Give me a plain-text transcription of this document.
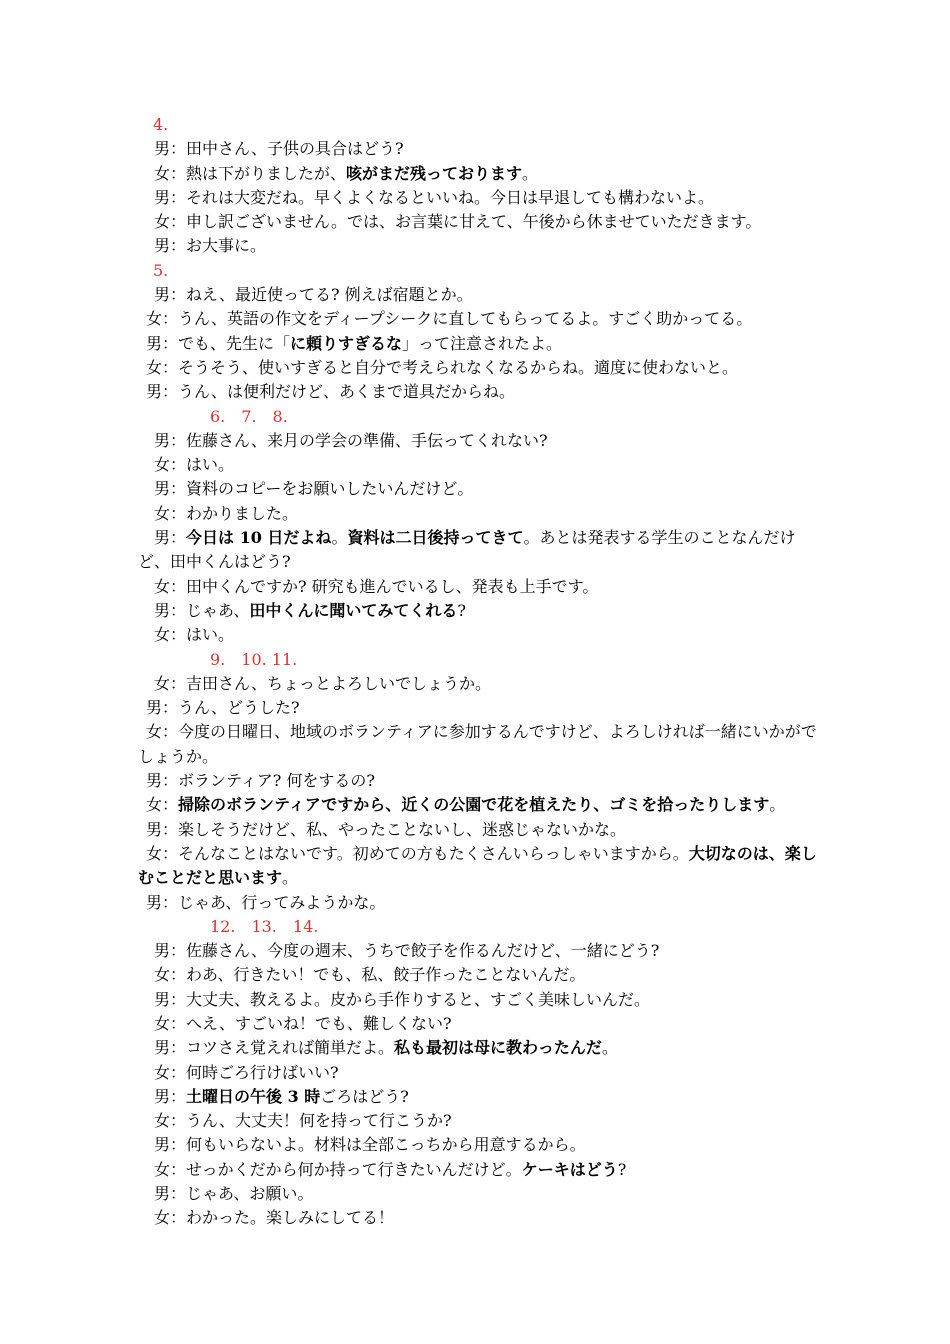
4.
男：田中さん、子供の具合はどう?
女：熱は下がりましたが、咳がまだ残っております。
男：それは大変だね。早くよくなるといいね。今日は早退しても構わないよ。
女：申し訳ございません。では、お言葉に甘えて、午後から休ませていただきます。
男：お大事に。
5.
男：ねえ、最近使ってる? 例えば宿題とか。
女：うん、英語の作文をディープシークに直してもらってるよ。すごく助かってる。
男：でも、先生に「に頼りすぎるな」って注意されたよ。
女：そうそう、使いすぎると自分で考えられなくなるからね。適度に使わないと。
男：うん、は便利だけど、あくまで道具だからね。
6.　7.　8.
男：佐藤さん、来月の学会の準備、手伝ってくれない?
女：はい。
男：資料のコピーをお願いしたいんだけど。
女：わかりました。
男：今日は 10 日だよね。資料は二日後持ってきて。あとは発表する学生のことなんだけど、田中くんはどう?
女：田中くんですか? 研究も進んでいるし、発表も上手です。
男：じゃあ、田中くんに聞いてみてくれる?
女：はい。
9.　10. 11.
女：吉田さん、ちょっとよろしいでしょうか。
男：うん、どうした?
女：今度の日曜日、地域のボランティアに参加するんですけど、よろしければ一緒にいかがでしょうか。
男：ボランティア? 何をするの?
女：掃除のボランティアですから、近くの公園で花を植えたり、ゴミを拾ったりします。
男：楽しそうだけど、私、やったことないし、迷惑じゃないかな。
女：そんなことはないです。初めての方もたくさんいらっしゃいますから。大切なのは、楽しむことだと思います。
男：じゃあ、行ってみようかな。
12.　13.　14.
男：佐藤さん、今度の週末、うちで餃子を作るんだけど、一緒にどう?
女：わあ、行きたい！でも、私、餃子作ったことないんだ。
男：大丈夫、教えるよ。皮から手作りすると、すごく美味しいんだ。
女：へえ、すごいね！でも、難しくない?
男：コツさえ覚えれば簡単だよ。私も最初は母に教わったんだ。
女：何時ごろ行けばいい?
男：土曜日の午後 3 時ごろはどう?
女：うん、大丈夫！何を持って行こうか?
男：何もいらないよ。材料は全部こっちから用意するから。
女：せっかくだから何か持って行きたいんだけど。ケーキはどう?
男：じゃあ、お願い。
女：わかった。楽しみにしてる！
